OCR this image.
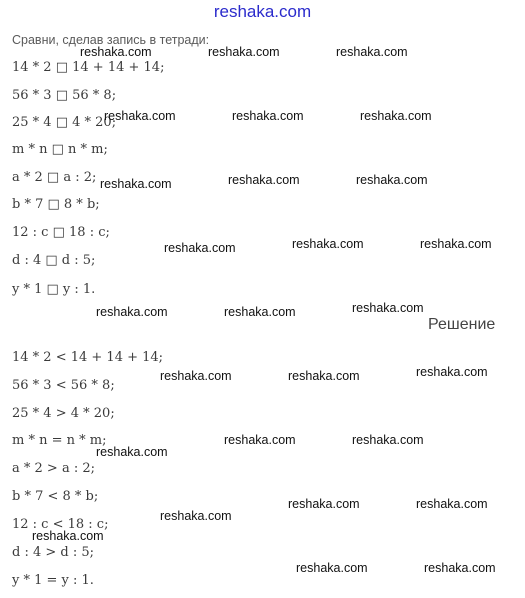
reshaka.com
Сравни, сделав запись в тетради:
14 * 2 □ 14 + 14 + 14;
56 * 3 □ 56 * 8;
25 * 4 □ 4 * 20;
m * n □ n * m;
a * 2 □ a : 2;
b * 7 □ 8 * b;
12 : c □ 18 : c;
d : 4 □ d : 5;
y * 1 □ y : 1.
Решение
14 * 2 < 14 + 14 + 14;
56 * 3 < 56 * 8;
25 * 4 > 4 * 20;
m * n = n * m;
a * 2 > a : 2;
b * 7 < 8 * b;
12 : c < 18 : c;
d : 4 > d : 5;
y * 1 = y : 1.
reshaka.com	reshaka.com	reshaka.com
reshaka.com	reshaka.com	reshaka.com
reshaka.com	reshaka.com	reshaka.com
reshaka.com	reshaka.com	reshaka.com
reshaka.com	reshaka.com	reshaka.com
reshaka.com	reshaka.com	reshaka.com
reshaka.com	reshaka.com
reshaka.com
reshaka.com	reshaka.com
reshaka.com
reshaka.com
reshaka.com	reshaka.com
